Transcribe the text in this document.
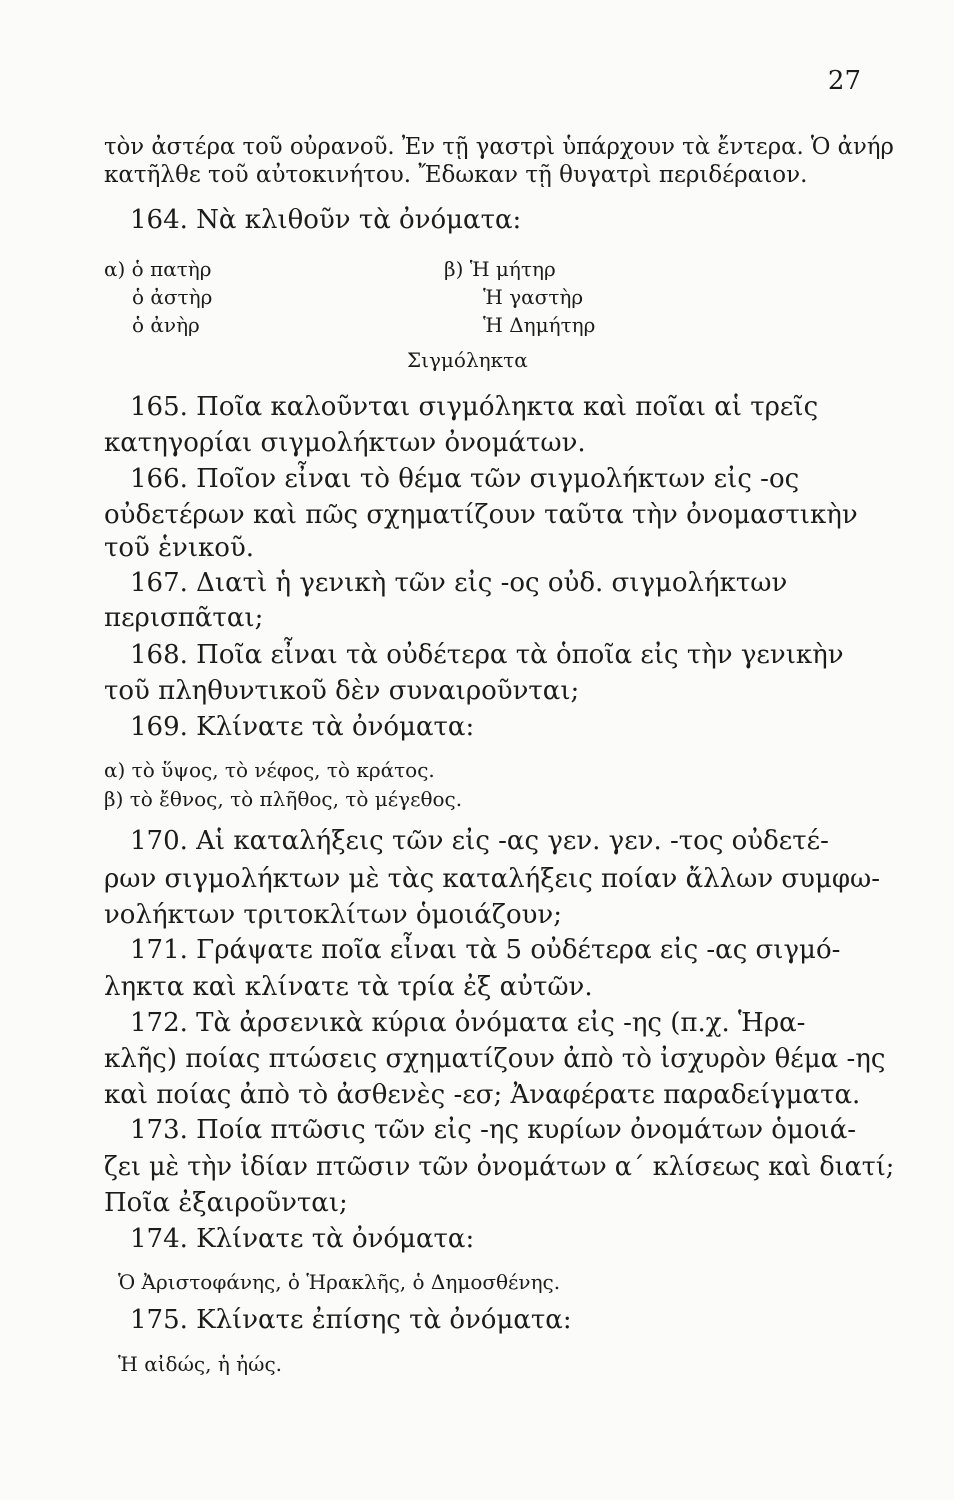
27
τὸν ἀστέρα τοῦ οὐρανοῦ. Ἐν τῇ γαστρὶ ὑπάρχουν τὰ ἔντερα. Ὁ ἀνήρ
κατῆλθε τοῦ αὐτοκινήτου. Ἔδωκαν τῇ θυγατρὶ περιδέραιον.
164. Νὰ κλιθοῦν τὰ ὀνόματα:
α) ὁ πατὴρ
ὁ ἀστὴρ
ὁ ἀνὴρ
β) Ἡ μήτηρ
Ἡ γαστὴρ
Ἡ Δημήτηρ
Σιγμόληκτα
165. Ποῖα καλοῦνται σιγμόληκτα καὶ ποῖαι αἱ τρεῖς
κατηγορίαι σιγμολήκτων ὀνομάτων.
166. Ποῖον εἶναι τὸ θέμα τῶν σιγμολήκτων εἰς -ος
οὐδετέρων καὶ πῶς σχηματίζουν ταῦτα τὴν ὀνομαστικὴν
τοῦ ἑνικοῦ.
167. Διατὶ ἡ γενικὴ τῶν εἰς -ος οὐδ. σιγμολήκτων
περισπᾶται;
168. Ποῖα εἶναι τὰ οὐδέτερα τὰ ὁποῖα εἰς τὴν γενικὴν
τοῦ πληθυντικοῦ δὲν συναιροῦνται;
169. Κλίνατε τὰ ὀνόματα:
α) τὸ ὕψος, τὸ νέφος, τὸ κράτος.
β) τὸ ἔθνος, τὸ πλῆθος, τὸ μέγεθος.
170. Αἱ καταλήξεις τῶν εἰς -ας γεν. γεν. -τος οὐδετέ-
ρων σιγμολήκτων μὲ τὰς καταλήξεις ποίαν ἄλλων συμφω-
νολήκτων τριτοκλίτων ὁμοιάζουν;
171. Γράψατε ποῖα εἶναι τὰ 5 οὐδέτερα εἰς -ας σιγμό-
ληκτα καὶ κλίνατε τὰ τρία ἐξ αὐτῶν.
172. Τὰ ἀρσενικὰ κύρια ὀνόματα εἰς -ης (π.χ. Ἡρα-
κλῆς) ποίας πτώσεις σχηματίζουν ἀπὸ τὸ ἰσχυρὸν θέμα -ης
καὶ ποίας ἀπὸ τὸ ἀσθενὲς -εσ; Ἀναφέρατε παραδείγματα.
173. Ποία πτῶσις τῶν εἰς -ης κυρίων ὀνομάτων ὁμοιά-
ζει μὲ τὴν ἰδίαν πτῶσιν τῶν ὀνομάτων α΄ κλίσεως καὶ διατί;
Ποῖα ἐξαιροῦνται;
174. Κλίνατε τὰ ὀνόματα:
Ὁ Ἀριστοφάνης, ὁ Ἡρακλῆς, ὁ Δημοσθένης.
175. Κλίνατε ἐπίσης τὰ ὀνόματα:
Ἡ αἰδώς, ἡ ἠώς.
